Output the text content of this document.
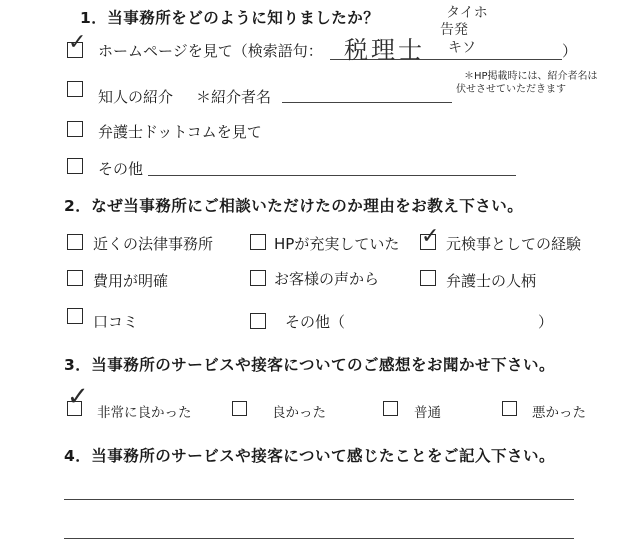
1．当事務所をどのように知りましたか？
✓ ホームページを見て（検索語句： 税理士
タイホ
告発
キソ	）
知人の紹介 ＊紹介者名
＊HP掲載時には、紹介者名は
伏せさせていただきます
弁護士ドットコムを見て
その他
2．なぜ当事務所にご相談いただけたのか理由をお教え下さい。
近くの法律事務所	HPが充実していた ✓ 元検事としての経験
費用が明確	お客様の声から	弁護士の人柄
口コミ	その他（	）
3．当事務所のサービスや接客についてのご感想をお聞かせ下さい。
✓
非常に良かった	良かった	普通	悪かった
4．当事務所のサービスや接客について感じたことをご記入下さい。
